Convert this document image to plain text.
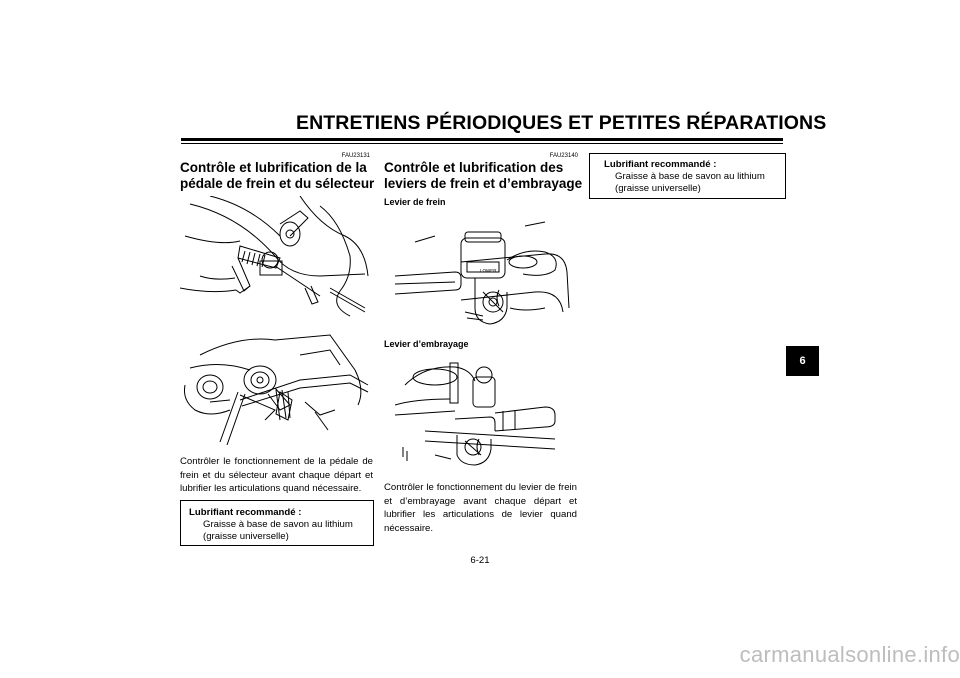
ENTRETIENS PÉRIODIQUES ET PETITES RÉPARATIONS
FAU23131
Contrôle et lubrification de la
pédale de frein et du sélecteur
Contrôler le fonctionnement de la pédale de frein et du sélecteur avant chaque départ et lubrifier les articulations quand nécessaire.
Lubrifiant recommandé :
Graisse à base de savon au lithium
(graisse universelle)
FAU23140
Contrôle et lubrification des
leviers de frein et d’embrayage
Levier de frein
LOWER
Levier d’embrayage
Contrôler le fonctionnement du levier de frein et d’embrayage avant chaque départ et lubrifier les articulations de levier quand nécessaire.
Lubrifiant recommandé :
Graisse à base de savon au lithium
(graisse universelle)
6
6-21
carmanualsonline.info
